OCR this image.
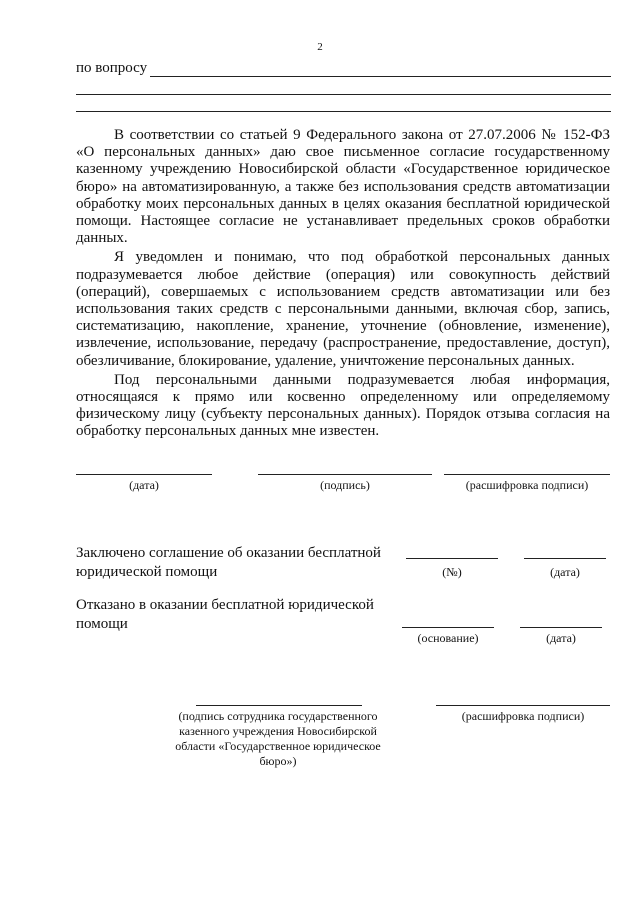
2
по вопросу

В соответствии со статьей 9 Федерального закона от 27.07.2006 № 152-ФЗ «О персональных данных» даю свое письменное согласие государственному казенному учреждению Новосибирской области «Государственное юридическое бюро» на автоматизированную, а также без использования средств автоматизации обработку моих персональных данных в целях оказания бесплатной юридической помощи. Настоящее согласие не устанавливает предельных сроков обработки данных.

Я уведомлен и понимаю, что под обработкой персональных данных подразумевается любое действие (операция) или совокупность действий (операций), совершаемых с использованием средств автоматизации или без использования таких средств с персональными данными, включая сбор, запись, систематизацию, накопление, хранение, уточнение (обновление, изменение), извлечение, использование, передачу (распространение, предоставление, доступ), обезличивание, блокирование, удаление, уничтожение персональных данных.

Под персональными данными подразумевается любая информация, относящаяся к прямо или косвенно определенному или определяемому физическому лицу (субъекту персональных данных). Порядок отзыва согласия на обработку персональных данных мне известен.

(дата)	(подпись)	(расшифровка подписи)
Заключено соглашение об оказании бесплатной юридической помощи	(№)	(дата)
Отказано в оказании бесплатной юридической помощи
(основание)	(дата)
(подпись сотрудника государственного казенного учреждения Новосибирской области «Государственное юридическое бюро»)
(расшифровка подписи)
